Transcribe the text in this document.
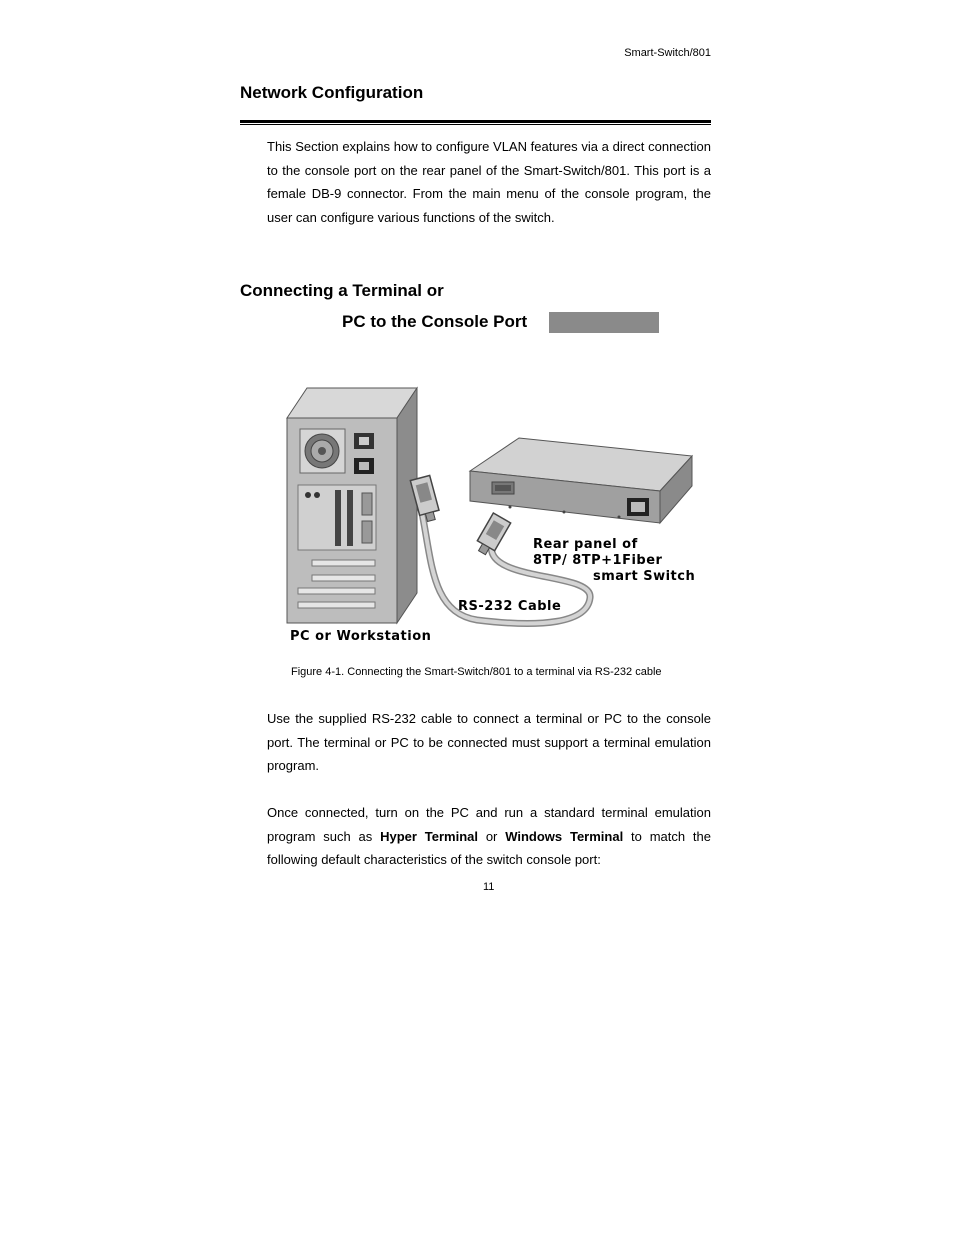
Smart-Switch/801
Network Configuration
This Section explains how to configure VLAN features via a direct connection to the console port on the rear panel of the Smart-Switch/801. This port is a female DB-9 connector. From the main menu of the console program, the user can configure various functions of the switch.
Connecting a Terminal or
PC to the Console Port
Rear panel of
8TP/ 8TP+1Fiber
smart Switch
RS-232 Cable
PC or Workstation
Figure 4-1. Connecting the Smart-Switch/801 to a terminal via RS-232 cable
Use the supplied RS-232 cable to connect a terminal or PC to the console port. The terminal or PC to be connected must support a terminal emulation program.
Once connected, turn on the PC and run a standard terminal emulation program such as Hyper Terminal or Windows Terminal to match the following default characteristics of the switch console port:
11
